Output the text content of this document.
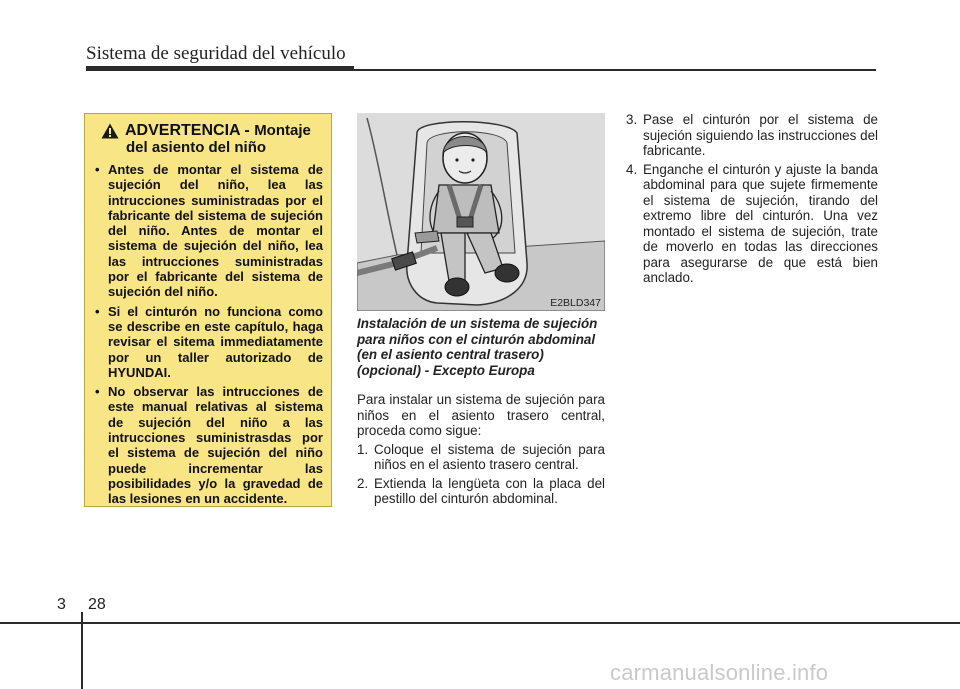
Sistema de seguridad del vehículo
ADVERTENCIA - Montaje
del asiento del niño
• Antes de montar el sistema de sujeción del niño, lea las intrucciones suministradas por el fabricante del sistema de sujeción del niño. Antes de montar el sistema de sujeción del niño, lea las intrucciones suministradas por el fabricante del sistema de sujeción del niño.
• Si el cinturón no funciona como se describe en este capítulo, haga revisar el sitema immediatamente por un taller autorizado de HYUNDAI.
• No observar las intrucciones de este manual relativas al sistema de sujeción del niño a las intrucciones suministrasdas por el sistema de sujeción del niño puede incrementar las posibilidades y/o la gravedad de las lesiones en un accidente.
E2BLD347

Instalación de un sistema de sujeción para niños con el cinturón abdominal (en el asiento central trasero) (opcional) - Excepto Europa

Para instalar un sistema de sujeción para niños en el asiento trasero central, proceda como sigue:

1. Coloque el sistema de sujeción para niños en el asiento trasero central.
2. Extienda la lengüeta con la placa del pestillo del cinturón abdominal.
3. Pase el cinturón por el sistema de sujeción siguiendo las instrucciones del fabricante.
4. Enganche el cinturón y ajuste la banda abdominal para que sujete firmemente el sistema de sujeción, tirando del extremo libre del cinturón. Una vez montado el sistema de sujeción, trate de moverlo en todas las direcciones para asegurarse de que está bien anclado.
3 28
carmanualsonline.info
